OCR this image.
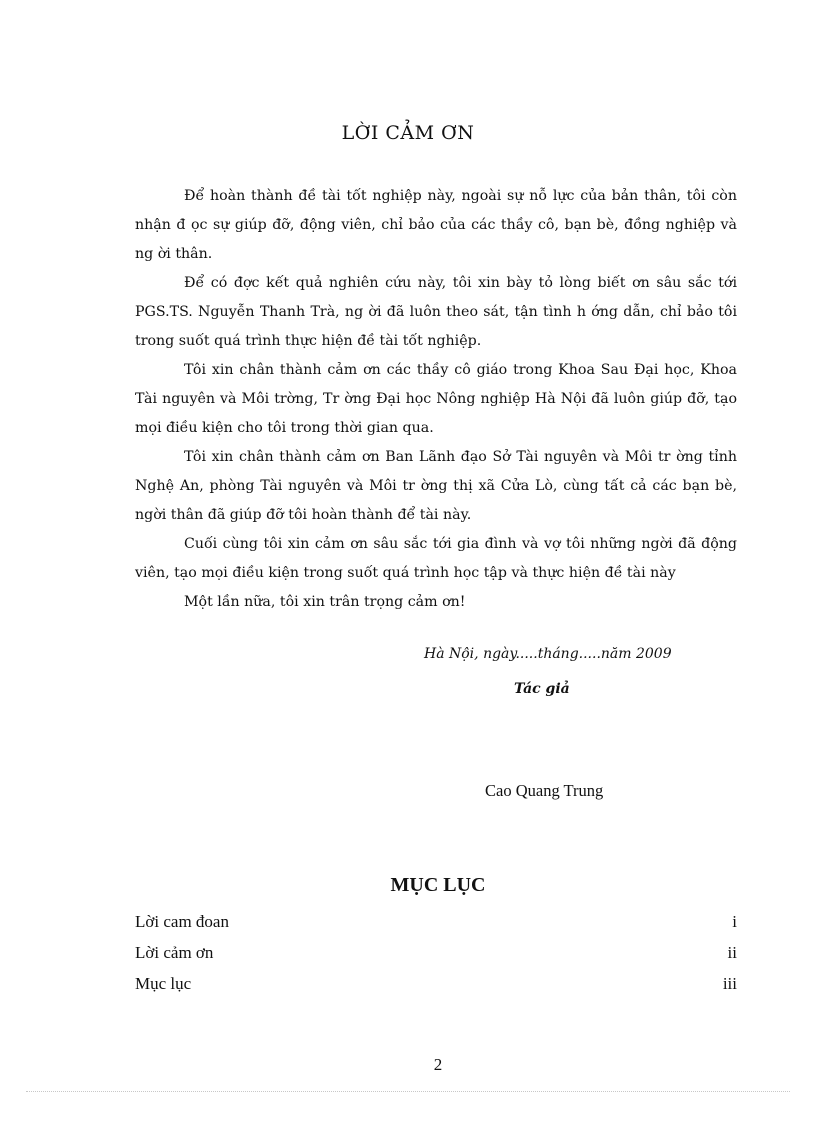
LỜI CẢM ƠN

Để hoàn thành đề tài tốt nghiệp này, ngoài sự nỗ lực của bản thân, tôi còn nhận đ ọc sự giúp đỡ, động viên, chỉ bảo của các thầy cô, bạn bè, đồng nghiệp và ng ời thân.

Để có đợc kết quả nghiên cứu này, tôi xin bày tỏ lòng biết ơn sâu sắc tới PGS.TS. Nguyễn Thanh Trà, ng ời đã luôn theo sát, tận tình h ớng dẫn, chỉ bảo tôi trong suốt quá trình thực hiện đề tài tốt nghiệp.

Tôi xin chân thành cảm ơn các thầy cô giáo trong Khoa Sau Đại học, Khoa Tài nguyên và Môi trờng, Tr ờng Đại học Nông nghiệp Hà Nội đã luôn giúp đỡ, tạo mọi điều kiện cho tôi trong thời gian qua.

Tôi xin chân thành cảm ơn Ban Lãnh đạo Sở Tài nguyên và Môi tr ờng tỉnh Nghệ An, phòng Tài nguyên và Môi tr ờng thị xã Cửa Lò, cùng tất cả các bạn bè, ngời thân đã giúp đỡ tôi hoàn thành để tài này.

Cuối cùng tôi xin cảm ơn sâu sắc tới gia đình và vợ tôi những ngời đã động viên, tạo mọi điều kiện trong suốt quá trình học tập và thực hiện đề tài này

Một lần nữa, tôi xin trân trọng cảm ơn!

Hà Nội, ngày.....tháng.....năm 2009
Tác giả
Cao Quang Trung
MỤC LỤC
Lời cam đoan	i
Lời cảm ơn	ii
Mục lục	iii
2
